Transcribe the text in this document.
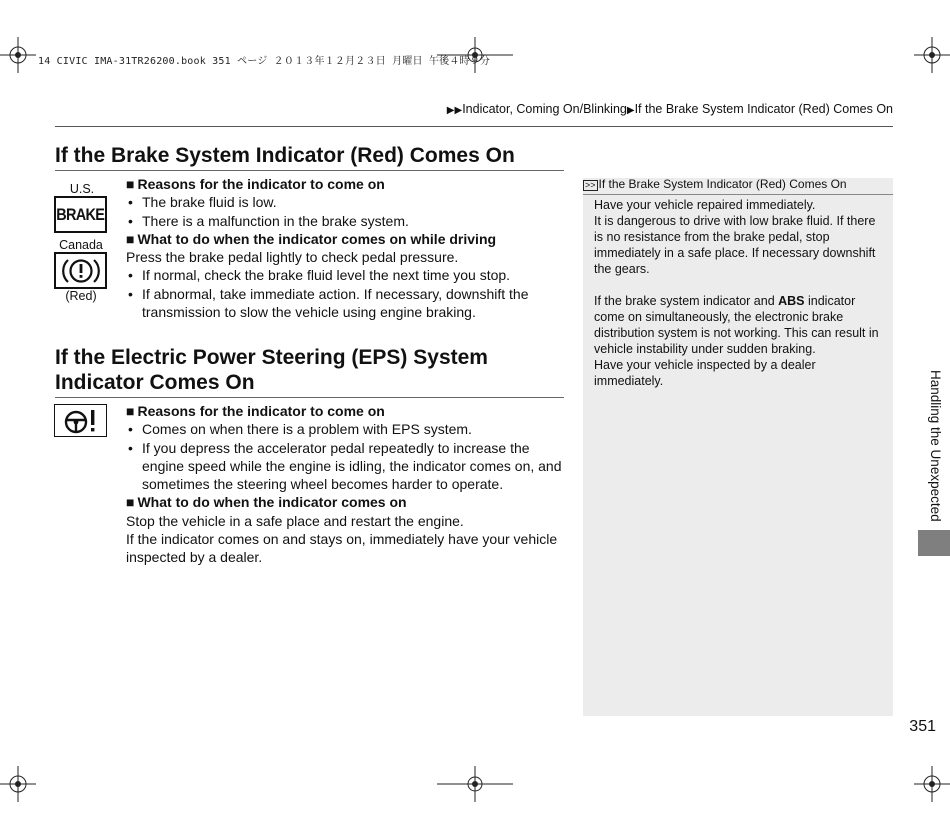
14 CIVIC IMA-31TR26200.book 351 ページ ２０１３年１２月２３日 月曜日 午後４時９分
▶▶Indicator, Coming On/Blinking▶If the Brake System Indicator (Red) Comes On
If the Brake System Indicator (Red) Comes On
U.S.
BRAKE
Canada
(Red)

■ Reasons for the indicator to come on

• The brake fluid is low.

• There is a malfunction in the brake system.

■ What to do when the indicator comes on while driving

Press the brake pedal lightly to check pedal pressure.

• If normal, check the brake fluid level the next time you stop.

• If abnormal, take immediate action. If necessary, downshift the transmission to slow the vehicle using engine braking.

If the Electric Power Steering (EPS) System Indicator Comes On

■ Reasons for the indicator to come on

• Comes on when there is a problem with EPS system.

• If you depress the accelerator pedal repeatedly to increase the engine speed while the engine is idling, the indicator comes on, and sometimes the steering wheel becomes harder to operate.

■ What to do when the indicator comes on

Stop the vehicle in a safe place and restart the engine.

If the indicator comes on and stays on, immediately have your vehicle inspected by a dealer.

>> If the Brake System Indicator (Red) Comes On

Have your vehicle repaired immediately.

It is dangerous to drive with low brake fluid. If there is no resistance from the brake pedal, stop immediately in a safe place. If necessary downshift the gears.

If the brake system indicator and ABS indicator come on simultaneously, the electronic brake distribution system is not working. This can result in vehicle instability under sudden braking.

Have your vehicle inspected by a dealer immediately.	Handling the Unexpected
351
